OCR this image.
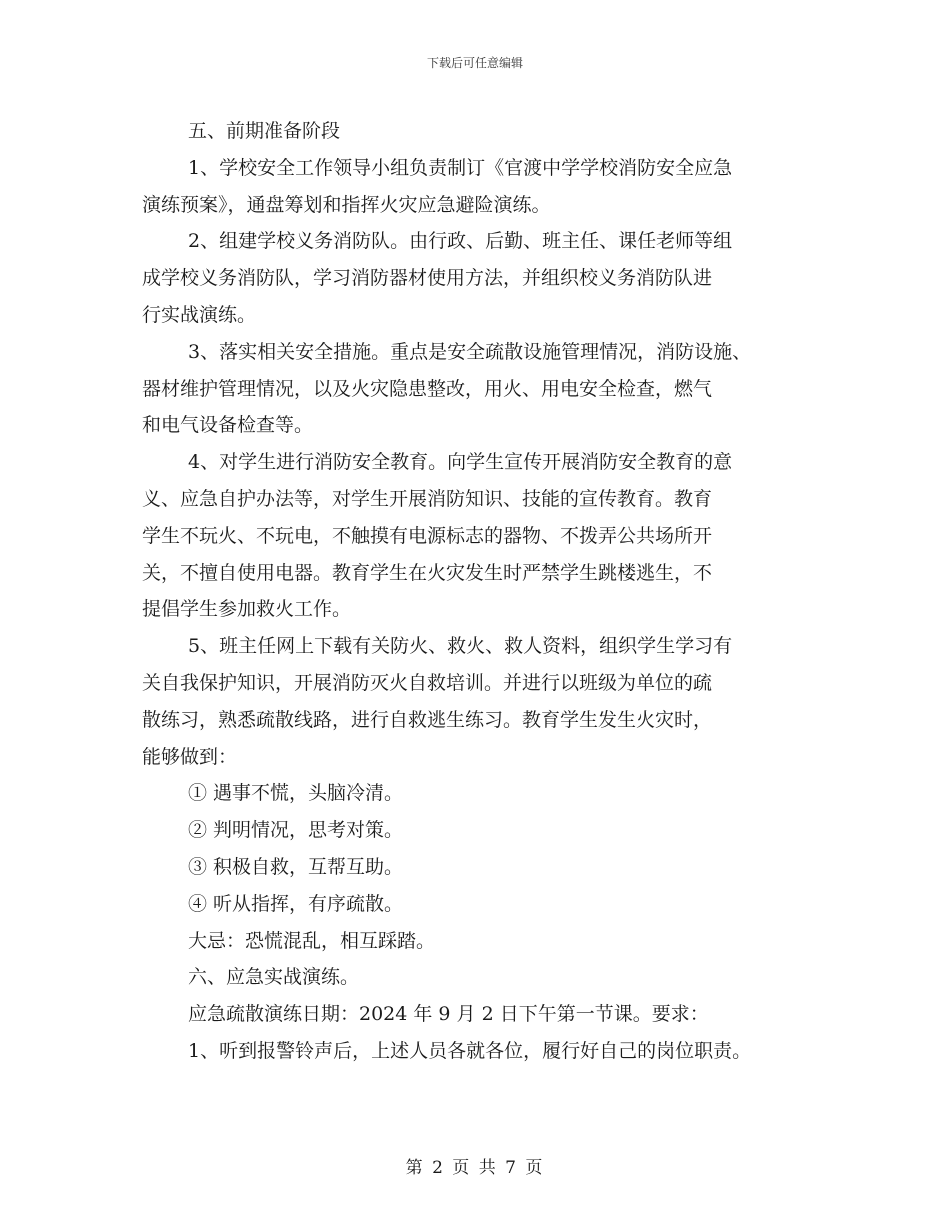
下载后可任意编辑
五、前期准备阶段
1、学校安全工作领导小组负责制订《官渡中学学校消防安全应急
演练预案》，通盘筹划和指挥火灾应急避险演练。
2、组建学校义务消防队。由行政、后勤、班主任、课任老师等组
成学校义务消防队，学习消防器材使用方法，并组织校义务消防队进
行实战演练。
3、落实相关安全措施。重点是安全疏散设施管理情况，消防设施、
器材维护管理情况，以及火灾隐患整改，用火、用电安全检查，燃气
和电气设备检查等。
4、对学生进行消防安全教育。向学生宣传开展消防安全教育的意
义、应急自护办法等，对学生开展消防知识、技能的宣传教育。教育
学生不玩火、不玩电，不触摸有电源标志的器物、不拨弄公共场所开
关，不擅自使用电器。教育学生在火灾发生时严禁学生跳楼逃生，不
提倡学生参加救火工作。
5、班主任网上下载有关防火、救火、救人资料，组织学生学习有
关自我保护知识，开展消防灭火自救培训。并进行以班级为单位的疏
散练习，熟悉疏散线路，进行自救逃生练习。教育学生发生火灾时，
能够做到：
① 遇事不慌，头脑冷清。
② 判明情况，思考对策。
③ 积极自救，互帮互助。
④ 听从指挥，有序疏散。
大忌：恐慌混乱，相互踩踏。
六、应急实战演练。
应急疏散演练日期：2024 年 9 月 2 日下午第一节课。要求：
1、听到报警铃声后，上述人员各就各位，履行好自己的岗位职责。
第 2 页 共 7 页
